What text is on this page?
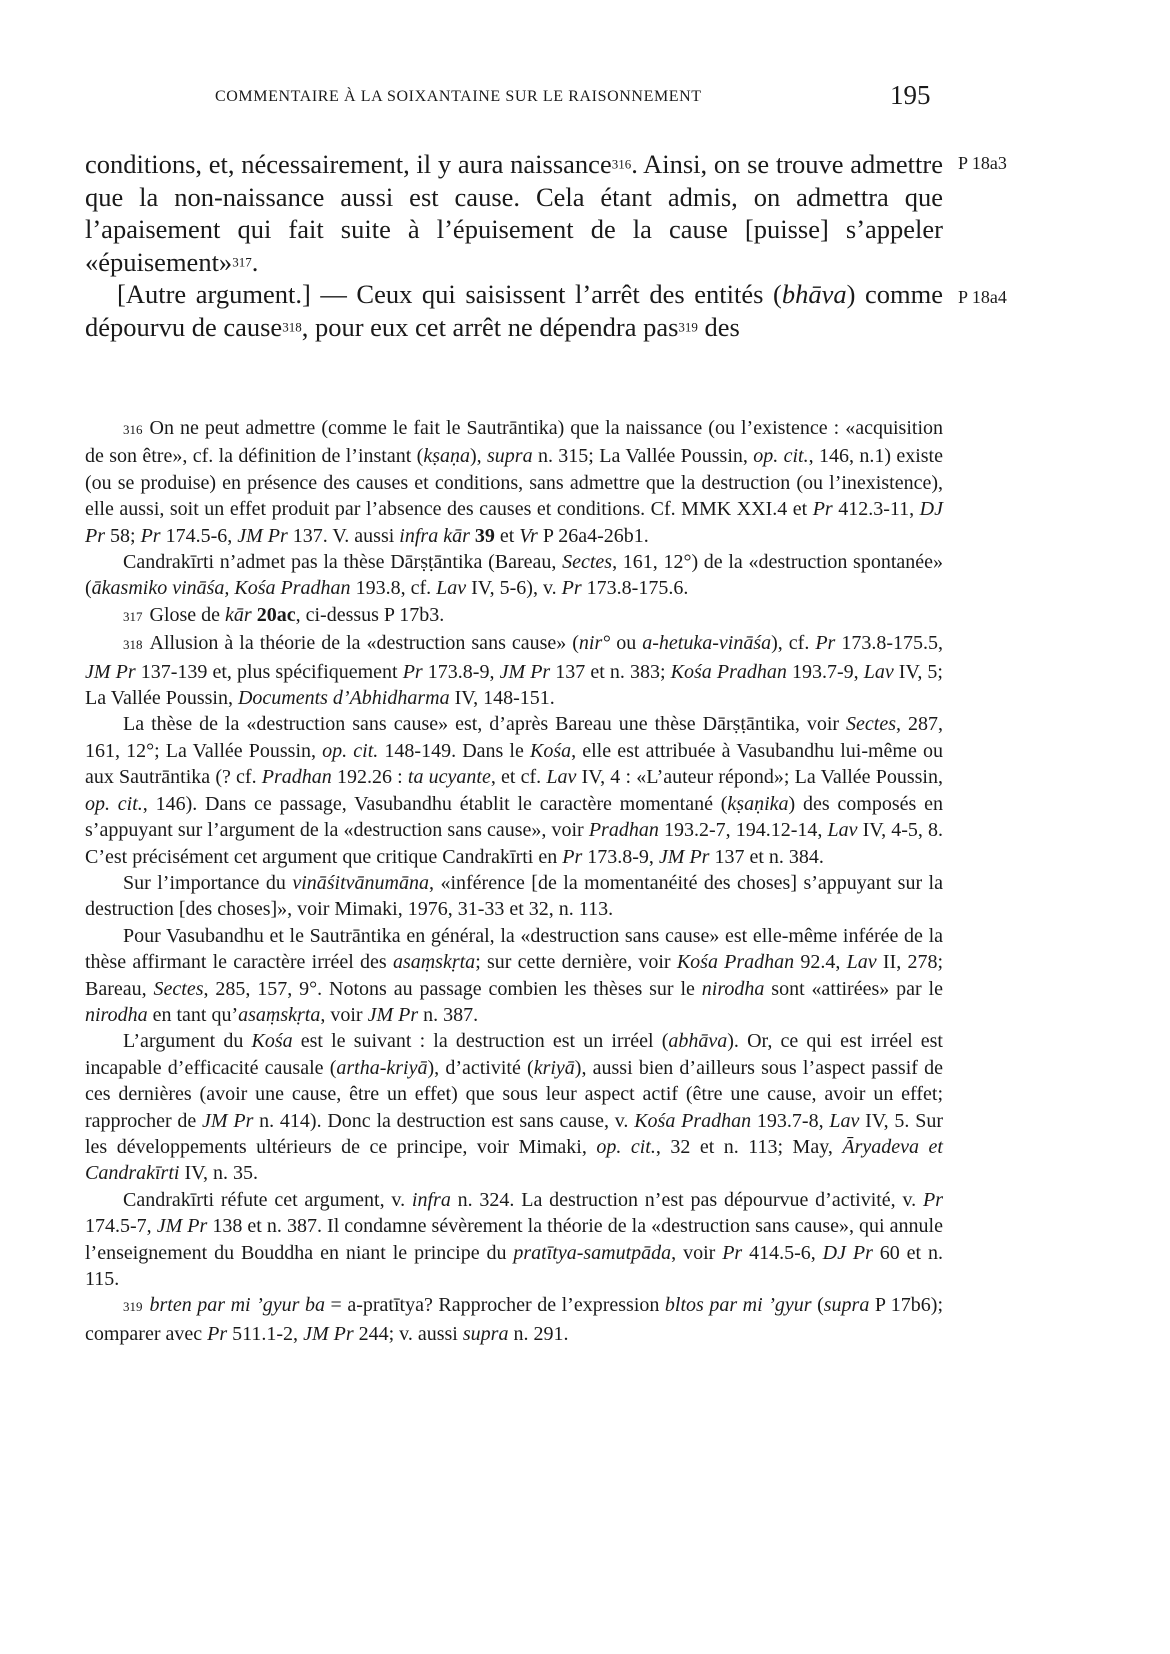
COMMENTAIRE À LA SOIXANTAINE SUR LE RAISONNEMENT	195
P 18a3
P 18a4

conditions, et, nécessairement, il y aura naissance316. Ainsi, on se trouve admettre que la non-naissance aussi est cause. Cela étant admis, on admettra que l’apaisement qui fait suite à l’épuisement de la cause [puisse] s’appeler «épuisement»317.

[Autre argument.] — Ceux qui saisissent l’arrêt des entités (bhāva) comme dépourvu de cause318, pour eux cet arrêt ne dépendra pas319 des

316 On ne peut admettre (comme le fait le Sautrāntika) que la naissance (ou l’existence : «acquisition de son être», cf. la définition de l’instant (kṣaṇa), supra n. 315; La Vallée Poussin, op. cit., 146, n.1) existe (ou se produise) en présence des causes et conditions, sans admettre que la destruction (ou l’inexistence), elle aussi, soit un effet produit par l’absence des causes et conditions. Cf. MMK XXI.4 et Pr 412.3-11, DJ Pr 58; Pr 174.5-6, JM Pr 137. V. aussi infra kār 39 et Vr P 26a4-26b1.

Candrakīrti n’admet pas la thèse Dārṣṭāntika (Bareau, Sectes, 161, 12°) de la «destruction spontanée» (ākasmiko vināśa, Kośa Pradhan 193.8, cf. Lav IV, 5-6), v. Pr 173.8-175.6.

317 Glose de kār 20ac, ci-dessus P 17b3.

318 Allusion à la théorie de la «destruction sans cause» (nir° ou a-hetuka-vināśa), cf. Pr 173.8-175.5, JM Pr 137-139 et, plus spécifiquement Pr 173.8-9, JM Pr 137 et n. 383; Kośa Pradhan 193.7-9, Lav IV, 5; La Vallée Poussin, Documents d’Abhidharma IV, 148-151.

La thèse de la «destruction sans cause» est, d’après Bareau une thèse Dārṣṭāntika, voir Sectes, 287, 161, 12°; La Vallée Poussin, op. cit. 148-149. Dans le Kośa, elle est attribuée à Vasubandhu lui-même ou aux Sautrāntika (? cf. Pradhan 192.26 : ta ucyante, et cf. Lav IV, 4 : «L’auteur répond»; La Vallée Poussin, op. cit., 146). Dans ce passage, Vasubandhu établit le caractère momentané (kṣaṇika) des composés en s’appuyant sur l’argument de la «destruction sans cause», voir Pradhan 193.2-7, 194.12-14, Lav IV, 4-5, 8. C’est précisément cet argument que critique Candrakīrti en Pr 173.8-9, JM Pr 137 et n. 384.

Sur l’importance du vināśitvānumāna, «inférence [de la momentanéité des choses] s’appuyant sur la destruction [des choses]», voir Mimaki, 1976, 31-33 et 32, n. 113.

Pour Vasubandhu et le Sautrāntika en général, la «destruction sans cause» est elle-même inférée de la thèse affirmant le caractère irréel des asaṃskṛta; sur cette dernière, voir Kośa Pradhan 92.4, Lav II, 278; Bareau, Sectes, 285, 157, 9°. Notons au passage combien les thèses sur le nirodha sont «attirées» par le nirodha en tant qu’asaṃskṛta, voir JM Pr n. 387.

L’argument du Kośa est le suivant : la destruction est un irréel (abhāva). Or, ce qui est irréel est incapable d’efficacité causale (artha-kriyā), d’activité (kriyā), aussi bien d’ailleurs sous l’aspect passif de ces dernières (avoir une cause, être un effet) que sous leur aspect actif (être une cause, avoir un effet; rapprocher de JM Pr n. 414). Donc la destruction est sans cause, v. Kośa Pradhan 193.7-8, Lav IV, 5. Sur les développements ultérieurs de ce principe, voir Mimaki, op. cit., 32 et n. 113; May, Āryadeva et Candrakīrti IV, n. 35.

Candrakīrti réfute cet argument, v. infra n. 324. La destruction n’est pas dépourvue d’activité, v. Pr 174.5-7, JM Pr 138 et n. 387. Il condamne sévèrement la théorie de la «destruction sans cause», qui annule l’enseignement du Bouddha en niant le principe du pratītya-samutpāda, voir Pr 414.5-6, DJ Pr 60 et n. 115.

319 brten par mi ’gyur ba = a-pratītya? Rapprocher de l’expression bltos par mi ’gyur (supra P 17b6); comparer avec Pr 511.1-2, JM Pr 244; v. aussi supra n. 291.
